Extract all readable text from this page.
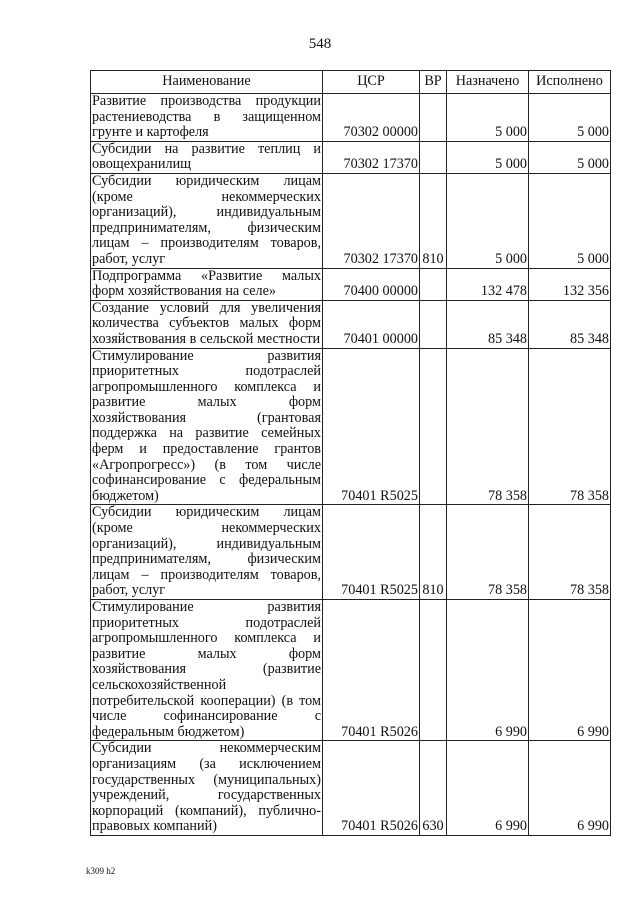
548
Наименование	ЦСР	ВР	Назначено	Исполнено
Развитие производства продукции растениеводства в защищенном грунте и картофеля	70302 00000		5 000	5 000
Субсидии на развитие теплиц и овощехранилищ	70302 17370		5 000	5 000
Субсидии юридическим лицам (кроме некоммерческих организаций), индивидуальным предпринимателям, физическим лицам – производителям товаров, работ, услуг	70302 17370	810	5 000	5 000
Подпрограмма «Развитие малых форм хозяйствования на селе»	70400 00000		132 478	132 356
Создание условий для увеличения количества субъектов малых форм хозяйствования в сельской местности	70401 00000		85 348	85 348
Стимулирование развития приоритетных подотраслей агропромышленного комплекса и развитие малых форм хозяйствования (грантовая поддержка на развитие семейных ферм и предоставление грантов «Агропрогресс») (в том числе софинансирование с федеральным бюджетом)	70401 R5025		78 358	78 358
Субсидии юридическим лицам (кроме некоммерческих организаций), индивидуальным предпринимателям, физическим лицам – производителям товаров, работ, услуг	70401 R5025	810	78 358	78 358
Стимулирование развития приоритетных подотраслей агропромышленного комплекса и развитие малых форм хозяйствования (развитие сельскохозяйственной потребительской кооперации) (в том числе софинансирование с федеральным бюджетом)	70401 R5026		6 990	6 990
Субсидии некоммерческим организациям (за исключением государственных (муниципальных) учреждений, государственных корпораций (компаний), публично-правовых компаний)	70401 R5026	630	6 990	6 990
k309 h2
